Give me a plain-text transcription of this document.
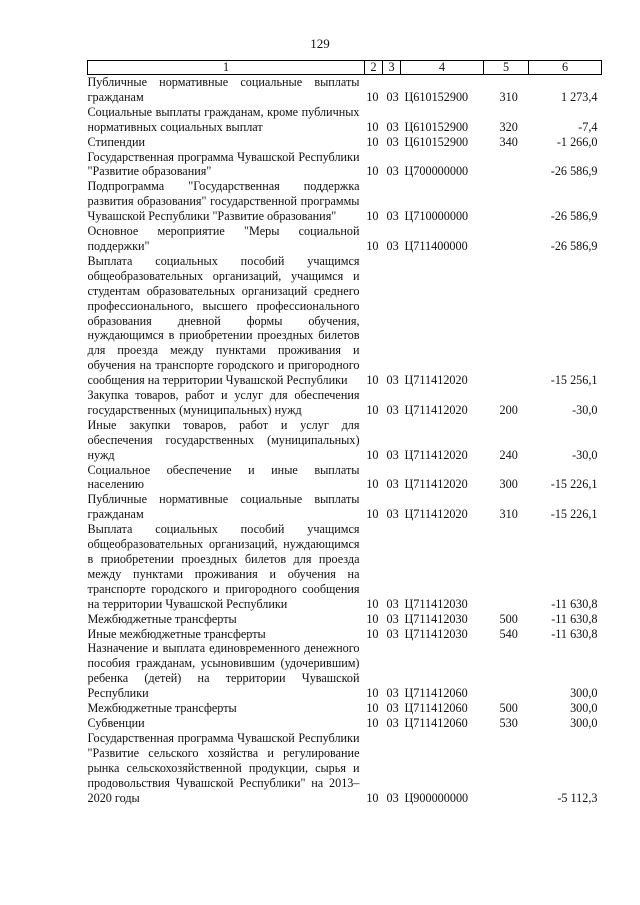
129
1	2	3	4	5	6
Публичные нормативные социальные выплаты гражданам	10	03	Ц610152900	310	1 273,4
Социальные выплаты гражданам, кроме публичных нормативных социальных выплат	10	03	Ц610152900	320	-7,4
Стипендии	10	03	Ц610152900	340	-1 266,0
Государственная программа Чувашской Республики "Развитие образования"	10	03	Ц700000000		-26 586,9
Подпрограмма "Государственная поддержка развития образования" государственной программы Чувашской Республики "Развитие образования"	10	03	Ц710000000		-26 586,9
Основное мероприятие "Меры социальной поддержки"	10	03	Ц711400000		-26 586,9
Выплата социальных пособий учащимся общеобразовательных организаций, учащимся и студентам образовательных организаций среднего профессионального, высшего профессионального образования дневной формы обучения, нуждающимся в приобретении проездных билетов для проезда между пунктами проживания и обучения на транспорте городского и пригородного сообщения на территории Чувашской Республики	10	03	Ц711412020		-15 256,1
Закупка товаров, работ и услуг для обеспечения государственных (муниципальных) нужд	10	03	Ц711412020	200	-30,0
Иные закупки товаров, работ и услуг для обеспечения государственных (муниципальных) нужд	10	03	Ц711412020	240	-30,0
Социальное обеспечение и иные выплаты населению	10	03	Ц711412020	300	-15 226,1
Публичные нормативные социальные выплаты гражданам	10	03	Ц711412020	310	-15 226,1
Выплата социальных пособий учащимся общеобразовательных организаций, нуждающимся в приобретении проездных билетов для проезда между пунктами проживания и обучения на транспорте городского и пригородного сообщения на территории Чувашской Республики	10	03	Ц711412030		-11 630,8
Межбюджетные трансферты	10	03	Ц711412030	500	-11 630,8
Иные межбюджетные трансферты	10	03	Ц711412030	540	-11 630,8
Назначение и выплата единовременного денежного пособия гражданам, усыновившим (удочерившим) ребенка (детей) на территории Чувашской Республики	10	03	Ц711412060		300,0
Межбюджетные трансферты	10	03	Ц711412060	500	300,0
Субвенции	10	03	Ц711412060	530	300,0
Государственная программа Чувашской Республики "Развитие сельского хозяйства и регулирование рынка сельскохозяйственной продукции, сырья и продовольствия Чувашской Республики" на 2013–2020 годы	10	03	Ц900000000		-5 112,3
